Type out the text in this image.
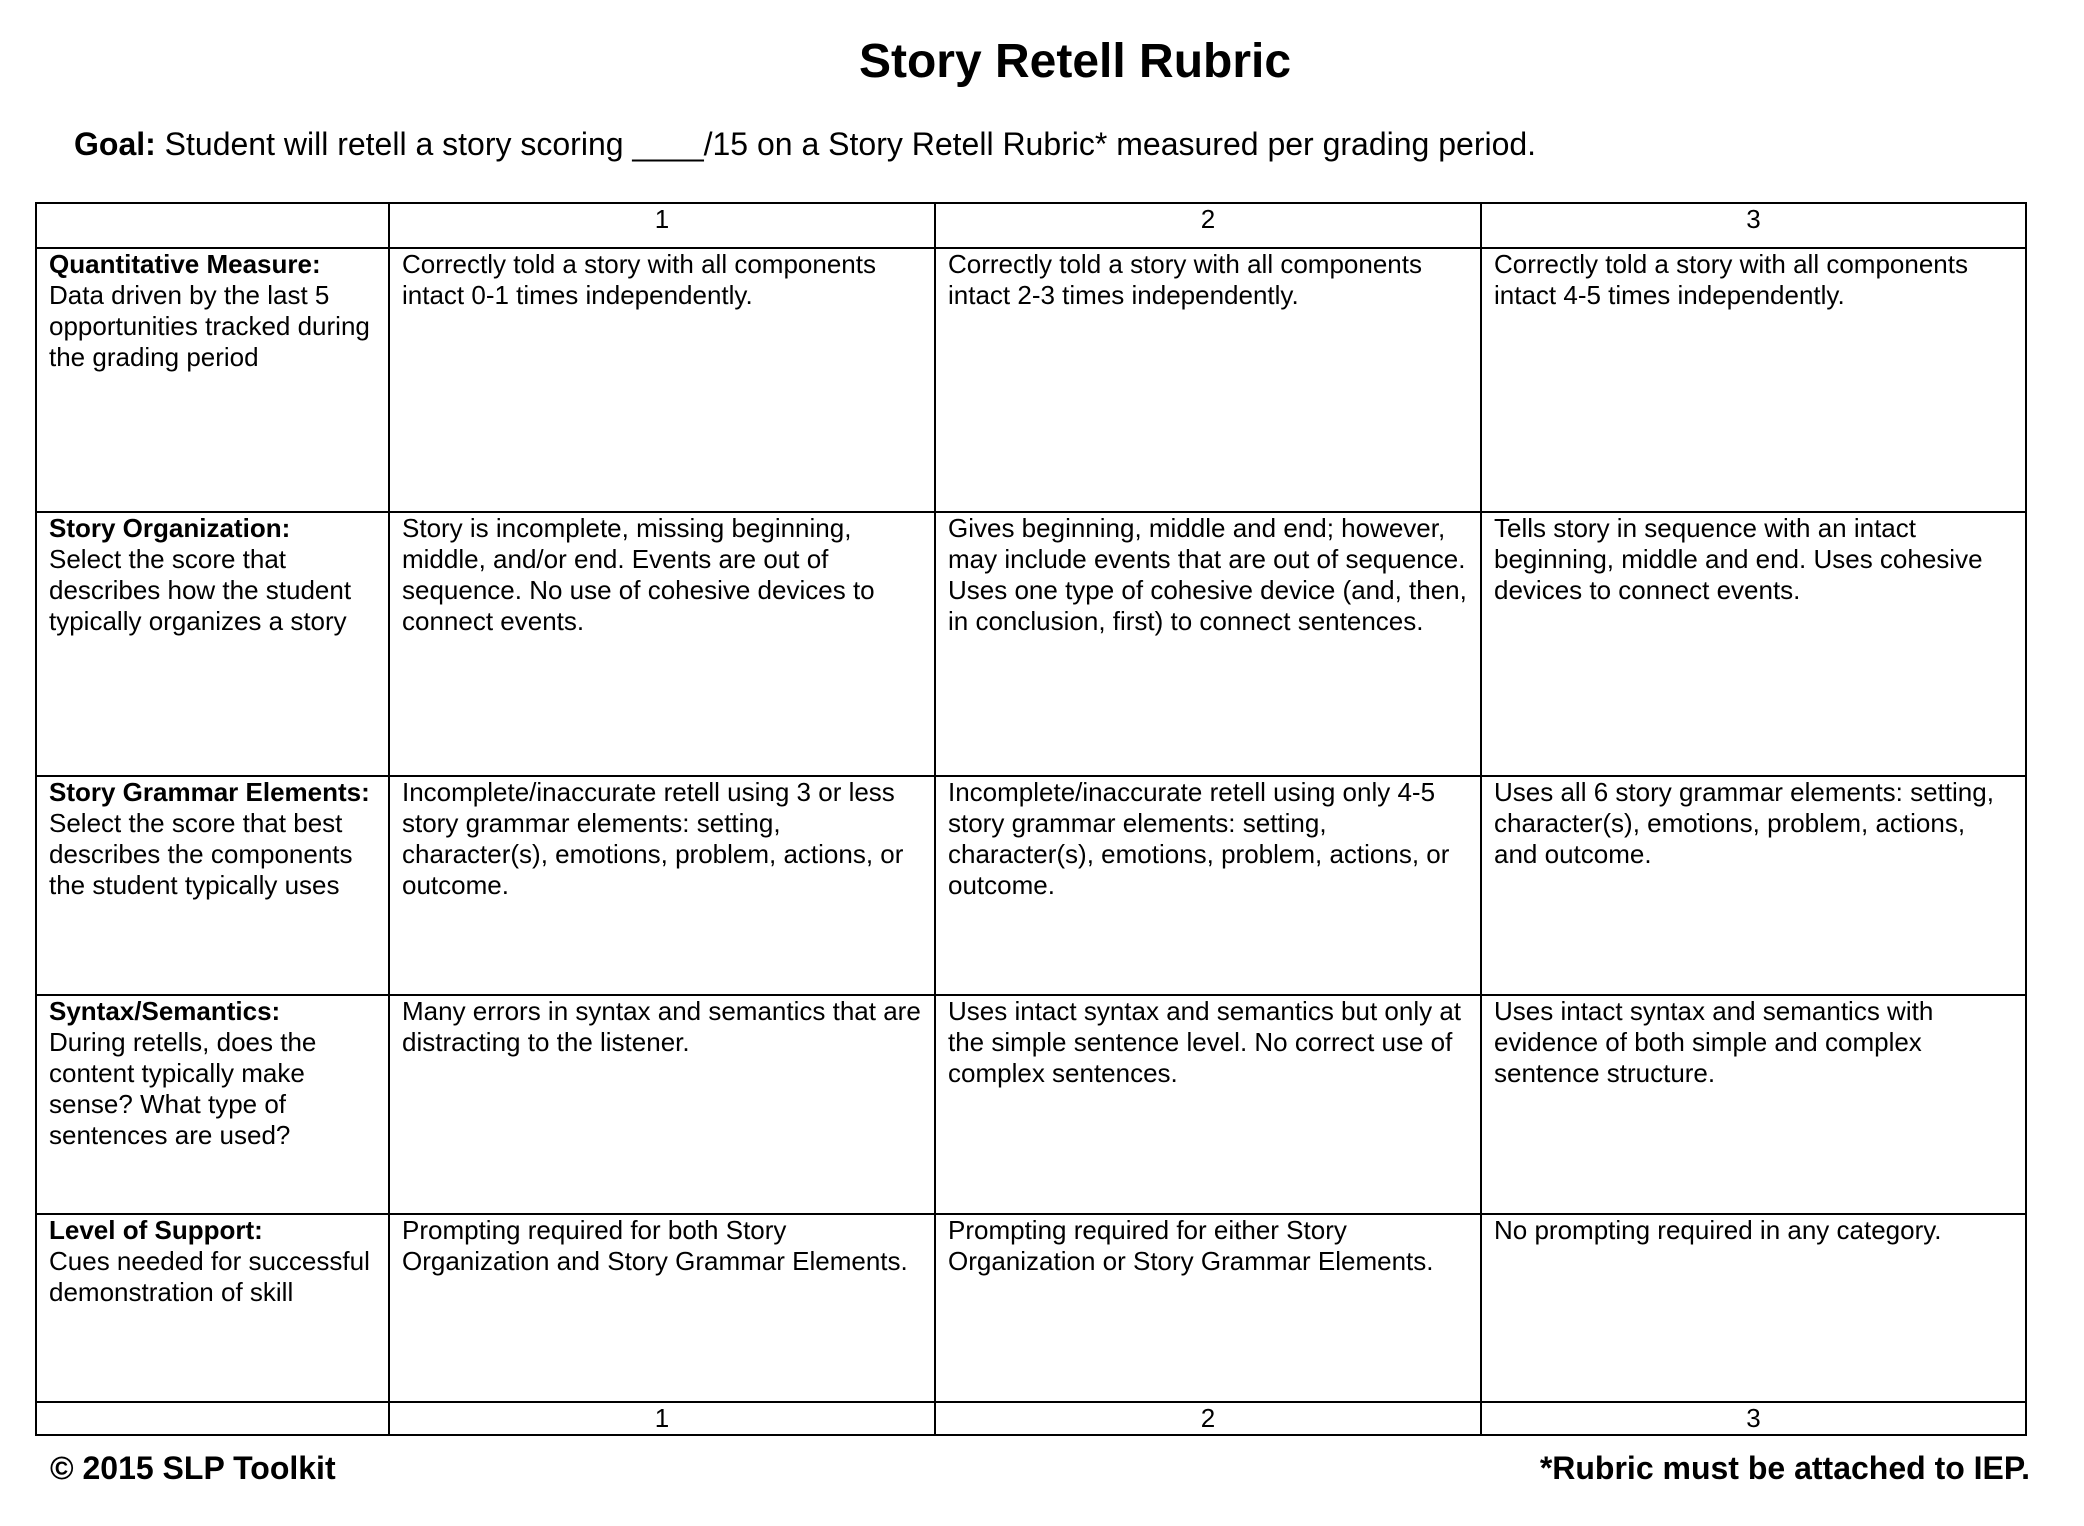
Story Retell Rubric
Goal: Student will retell a story scoring ____/15 on a Story Retell Rubric* measured per grading period.
	1	2	3
Quantitative Measure:
Data driven by the last 5 opportunities tracked during the grading period	Correctly told a story with all components intact 0-1 times independently.	Correctly told a story with all components intact 2-3 times independently.	Correctly told a story with all components intact 4-5 times independently.
Story Organization:
Select the score that describes how the student typically organizes a story	Story is incomplete, missing beginning, middle, and/or end. Events are out of sequence. No use of cohesive devices to connect events.	Gives beginning, middle and end; however, may include events that are out of sequence. Uses one type of cohesive device (and, then, in conclusion, first) to connect sentences.	Tells story in sequence with an intact beginning, middle and end. Uses cohesive devices to connect events.
Story Grammar Elements: Select the score that best describes the components the student typically uses	Incomplete/inaccurate retell using 3 or less story grammar elements: setting, character(s), emotions, problem, actions, or outcome.	Incomplete/inaccurate retell using only 4-5 story grammar elements: setting, character(s), emotions, problem, actions, or outcome.	Uses all 6 story grammar elements: setting, character(s), emotions, problem, actions, and outcome.
Syntax/Semantics:
During retells, does the content typically make sense? What type of sentences are used?	Many errors in syntax and semantics that are distracting to the listener.	Uses intact syntax and semantics but only at the simple sentence level. No correct use of complex sentences.	Uses intact syntax and semantics with evidence of both simple and complex sentence structure.
Level of Support:
Cues needed for successful demonstration of skill	Prompting required for both Story Organization and Story Grammar Elements.	Prompting required for either Story Organization or Story Grammar Elements.	No prompting required in any category.
	1	2	3
© 2015 SLP Toolkit	*Rubric must be attached to IEP.
